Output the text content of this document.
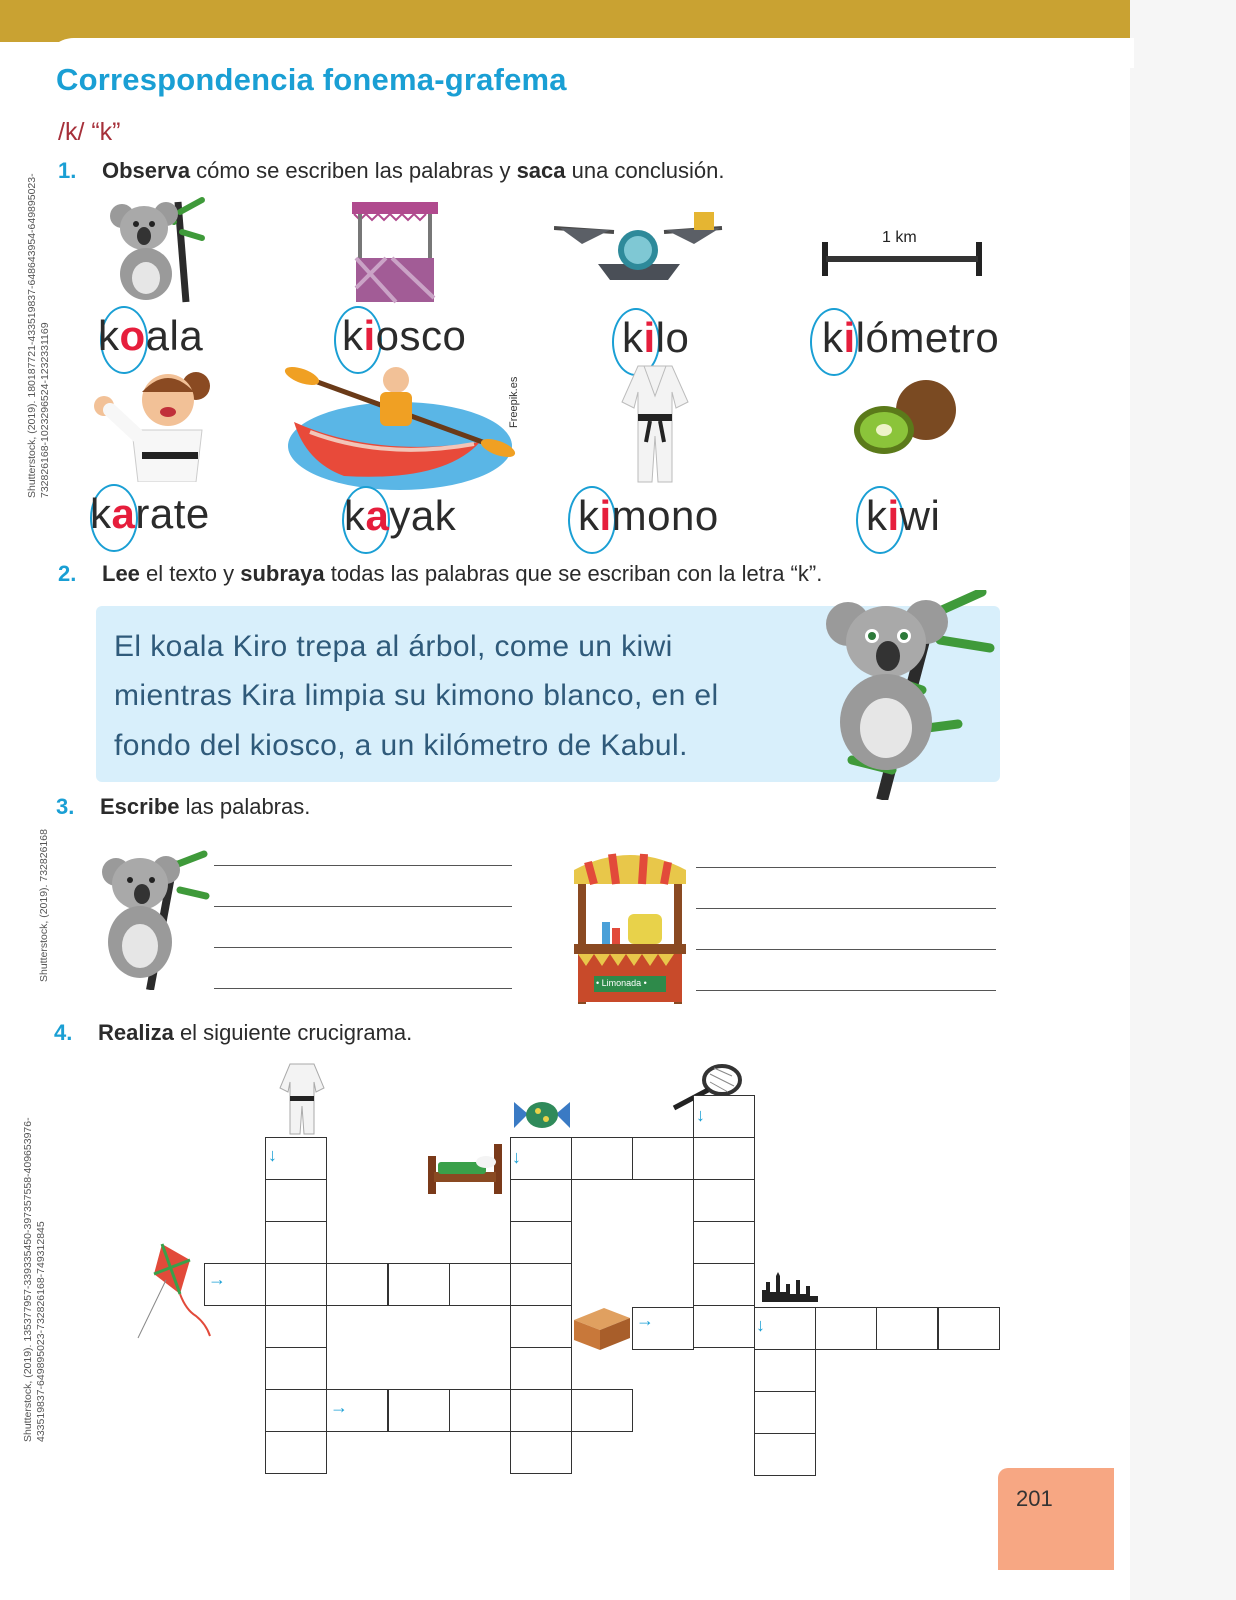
Shutterstock, (2019). 180187721-433519837-648643954-649895023-
732826168-1023296524-1232331169
Shutterstock, (2019). 732826168
Shutterstock, (2019). 135377957-339335450-397357558-409653976-
433519837-649895023-732826168-749312845
Correspondencia fonema-grafema
/k/ “k”
1. Observa cómo se escriben las palabras y saca una conclusión.
1 km
koala	kiosco	kilo	kilómetro
Freepik.es
karate	kayak	kimono	kiwi
2. Lee el texto y subraya todas las palabras que se escriban con la letra “k”.
El koala Kiro trepa al árbol, come un kiwi
mientras Kira limpia su kimono blanco, en el
fondo del kiosco, a un kilómetro de Kabul.
3. Escribe las palabras.
• Limonada •
4. Realiza el siguiente crucigrama.
↓	↓
↓
↓
→
→
→
201
